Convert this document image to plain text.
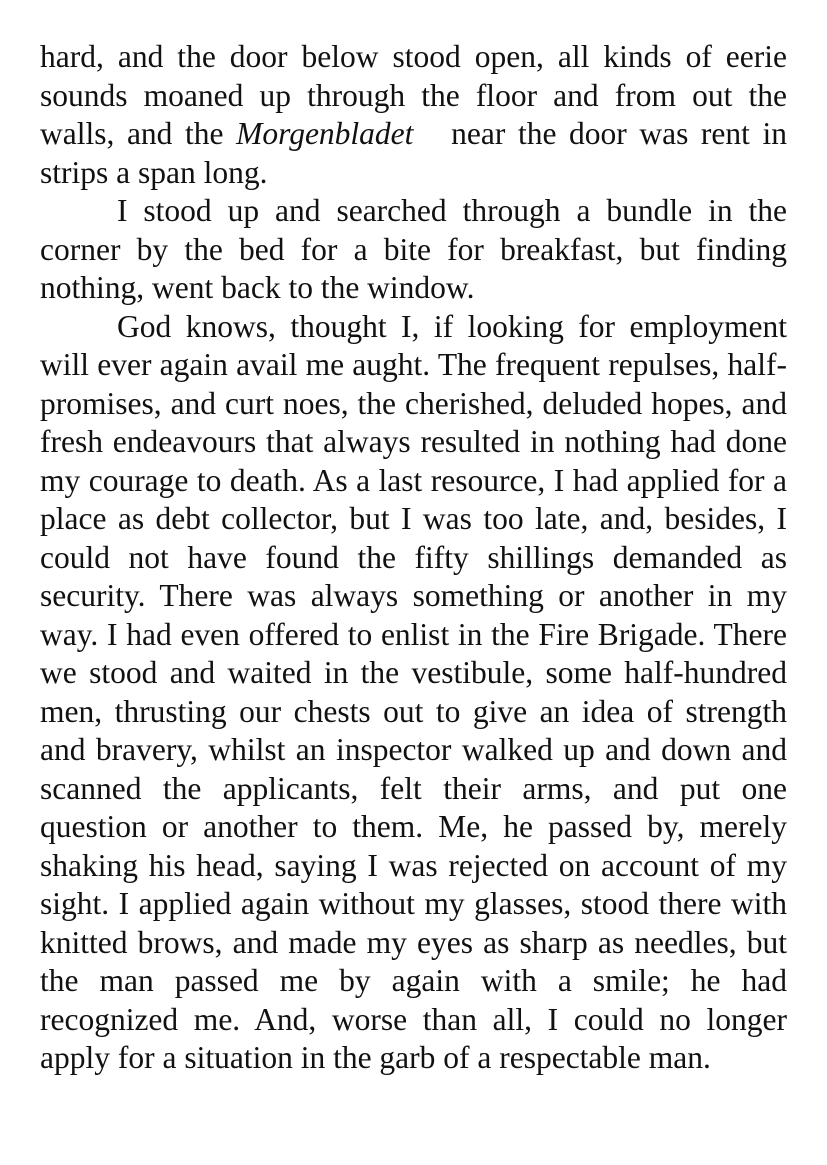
hard, and the door below stood open, all kinds of eerie sounds moaned up through the floor and from out the walls, and the Morgenbladet   near the door was rent in strips a span long.

I stood up and searched through a bundle in the corner by the bed for a bite for breakfast, but finding nothing, went back to the window.

God knows, thought I, if looking for employment will ever again avail me aught. The frequent repulses, half-promises, and curt noes, the cherished, deluded hopes, and fresh endeavours that always resulted in nothing had done my courage to death. As a last resource, I had applied for a place as debt collector, but I was too late, and, besides, I could not have found the fifty shillings demanded as security. There was always something or another in my way. I had even offered to enlist in the Fire Brigade. There we stood and waited in the vestibule, some half-hundred men, thrusting our chests out to give an idea of strength and bravery, whilst an inspector walked up and down and scanned the applicants, felt their arms, and put one question or another to them. Me, he passed by, merely shaking his head, saying I was rejected on account of my sight. I applied again without my glasses, stood there with knitted brows, and made my eyes as sharp as needles, but the man passed me by again with a smile; he had recognized me. And, worse than all, I could no longer apply for a situation in the garb of a respectable man.
